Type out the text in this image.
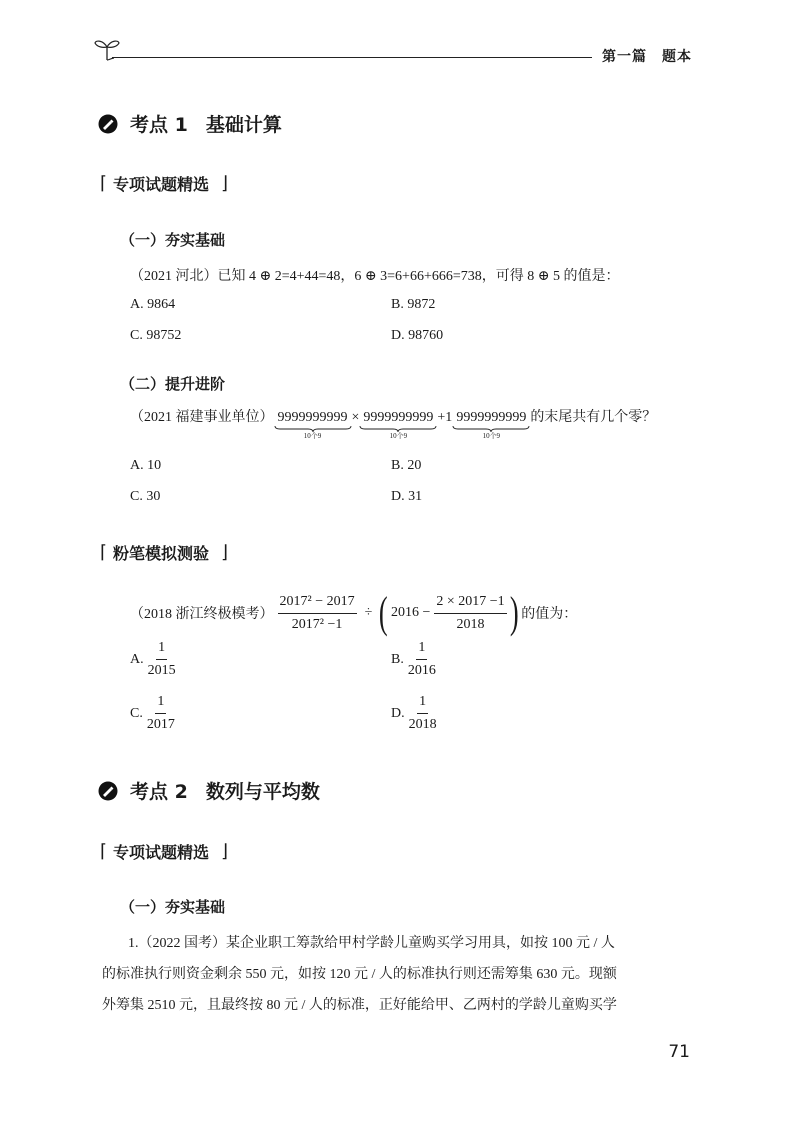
第一篇　题本
考点 1 基础计算
⌈ 专项试题精选 ⌋
（一）夯实基础
（2021 河北）已知 4 ⊕ 2=4+44=48，6 ⊕ 3=6+66+666=738，可得 8 ⊕ 5 的值是：
A. 9864	B. 9872
C. 98752	D. 98760
（二）提升进阶
（2021 福建事业单位） 9999999999
10个9
× 9999999999
10个9
+1 9999999999
10个9
的末尾共有几个零？
A. 10	B. 20
C. 30	D. 31
⌈ 粉笔模拟测验 ⌋
（2018 浙江终极模考） $\frac{\text{2017² − 2017}}{\text{2017² −1}}$ ÷ ( $2016 - \frac{2 \times 2017 -1}{2018}$ ) 的值为：
A. $\frac{1}{2015}$	B. $\frac{1}{2016}$
C. $\frac{1}{2017}$	D. $\frac{1}{2018}$
考点 2 数列与平均数
⌈ 专项试题精选 ⌋
（一）夯实基础
1.（2022 国考）某企业职工筹款给甲村学龄儿童购买学习用具，如按 100 元 / 人
的标准执行则资金剩余 550 元，如按 120 元 / 人的标准执行则还需筹集 630 元。现额
外筹集 2510 元，且最终按 80 元 / 人的标准，正好能给甲、乙两村的学龄儿童购买学
71
